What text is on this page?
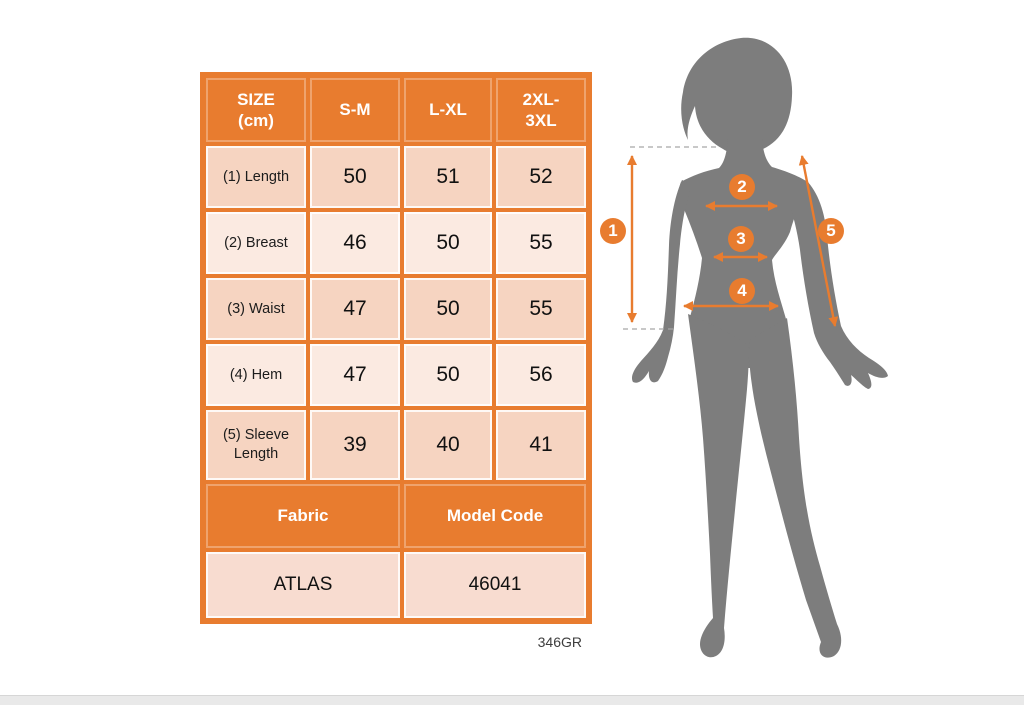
SIZE (cm)	S-M	L-XL	2XL-3XL
(1) Length	50	51	52
(2) Breast	46	50	55
(3) Waist	47	50	55
(4) Hem	47	50	56
(5) Sleeve Length	39	40	41
Fabric		Model Code	
ATLAS		46041	
346GR
1
2
3
4
5
